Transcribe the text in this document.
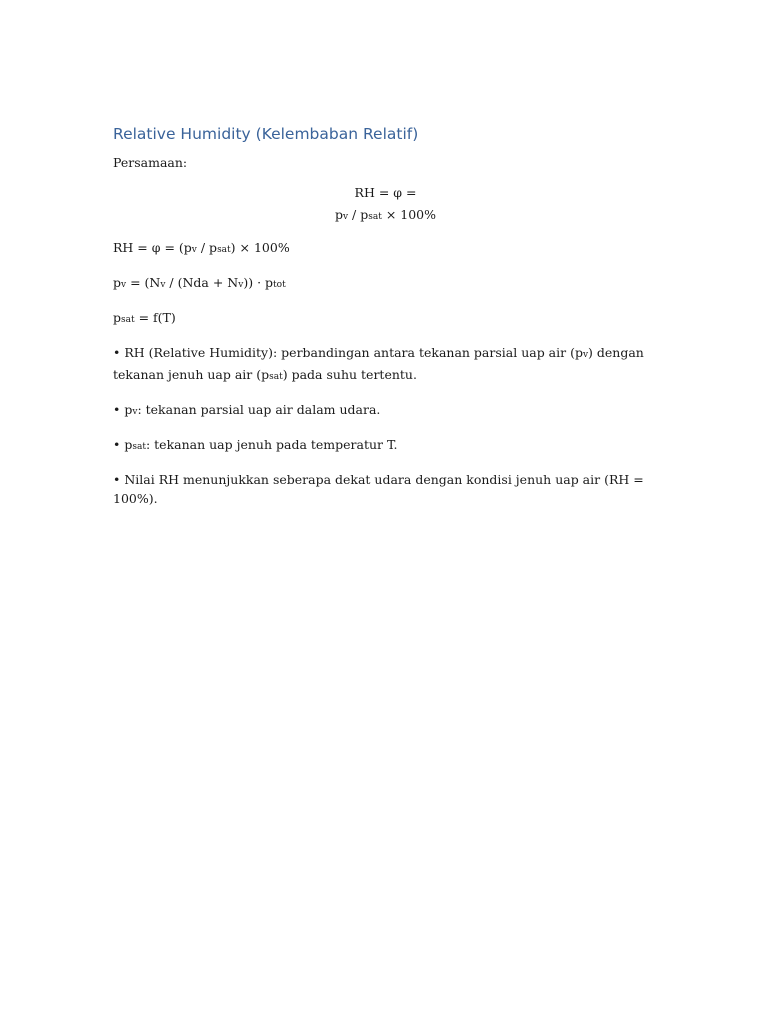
Relative Humidity (Kelembaban Relatif)
Persamaan:
RH = φ =
pv / psat × 100%
RH = φ = (pv / psat) × 100%
pv = (Nv / (Nda + Nv)) · ptot
psat = f(T)
• RH (Relative Humidity): perbandingan antara tekanan parsial uap air (pv) dengan tekanan jenuh uap air (psat) pada suhu tertentu.
• pv: tekanan parsial uap air dalam udara.
• psat: tekanan uap jenuh pada temperatur T.
• Nilai RH menunjukkan seberapa dekat udara dengan kondisi jenuh uap air (RH = 100%).
